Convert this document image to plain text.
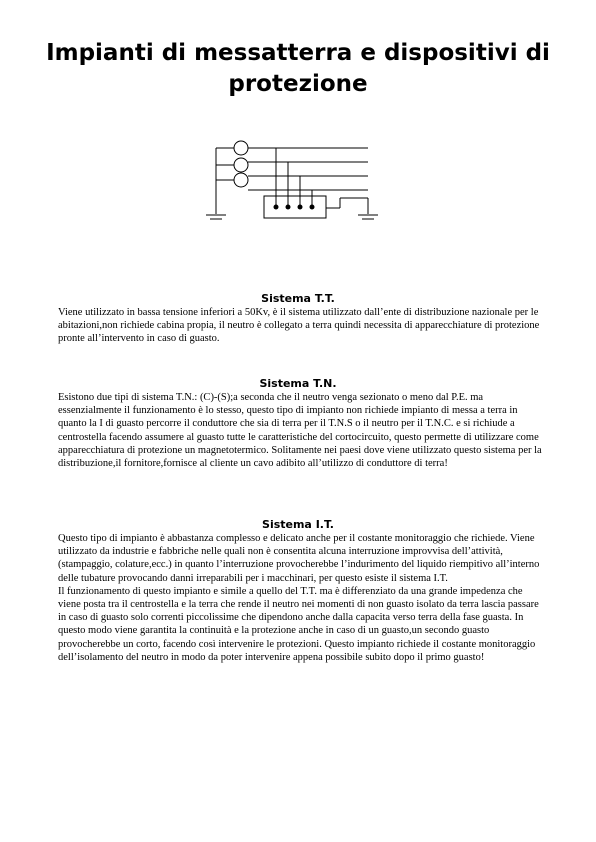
Impianti di messatterra e dispositivi di protezione
Sistema T.T.

Viene utilizzato in bassa tensione inferiori a 50Kv, è il sistema utilizzato dall’ente di distribuzione nazionale per le abitazioni,non richiede cabina propia, il neutro è collegato a terra quindi necessita di apparecchiature di protezione pronte all’intervento in caso di guasto.

Sistema T.N.

Esistono due tipi di sistema T.N.: (C)-(S);a seconda che il neutro venga sezionato o meno dal P.E. ma essenzialmente il funzionamento è lo stesso, questo tipo di impianto non richiede impianto di messa a terra in quanto la I di guasto percorre il conduttore che sia di terra per il T.N.S o il neutro per il T.N.C. e si richiude a centrostella facendo assumere al guasto tutte le caratteristiche del cortocircuito, questo permette di utilizzare come apparecchiatura di protezione un magnetotermico. Solitamente nei paesi dove viene utilizzato questo sistema per la distribuzione,il fornitore,fornisce al cliente un cavo adibito all’utilizzo di conduttore di terra!

Sistema I.T.

Questo tipo di impianto è abbastanza complesso e delicato anche per il costante monitoraggio che richiede. Viene utilizzato da industrie e fabbriche nelle quali non è consentita alcuna interruzione improvvisa dell’attività,(stampaggio, colature,ecc.) in quanto l’interruzione provocherebbe l’indurimento del liquido riempitivo all’interno delle tubature provocando danni irreparabili per i macchinari, per questo esiste il sistema I.T.

Il funzionamento di questo impianto e simile a quello del T.T. ma è differenziato da una grande impedenza che viene posta tra il centrostella e la terra che rende il neutro nei momenti di non guasto isolato da terra lascia passare in caso di guasto solo correnti piccolissime che dipendono anche dalla capacita verso terra della fase guasta. In questo modo viene garantita la continuità e la protezione anche in caso di un guasto,un secondo guasto provocherebbe un corto, facendo così intervenire le protezioni. Questo impianto richiede il costante monitoraggio dell’isolamento del neutro in modo da poter intervenire appena possibile subito dopo il primo guasto!
